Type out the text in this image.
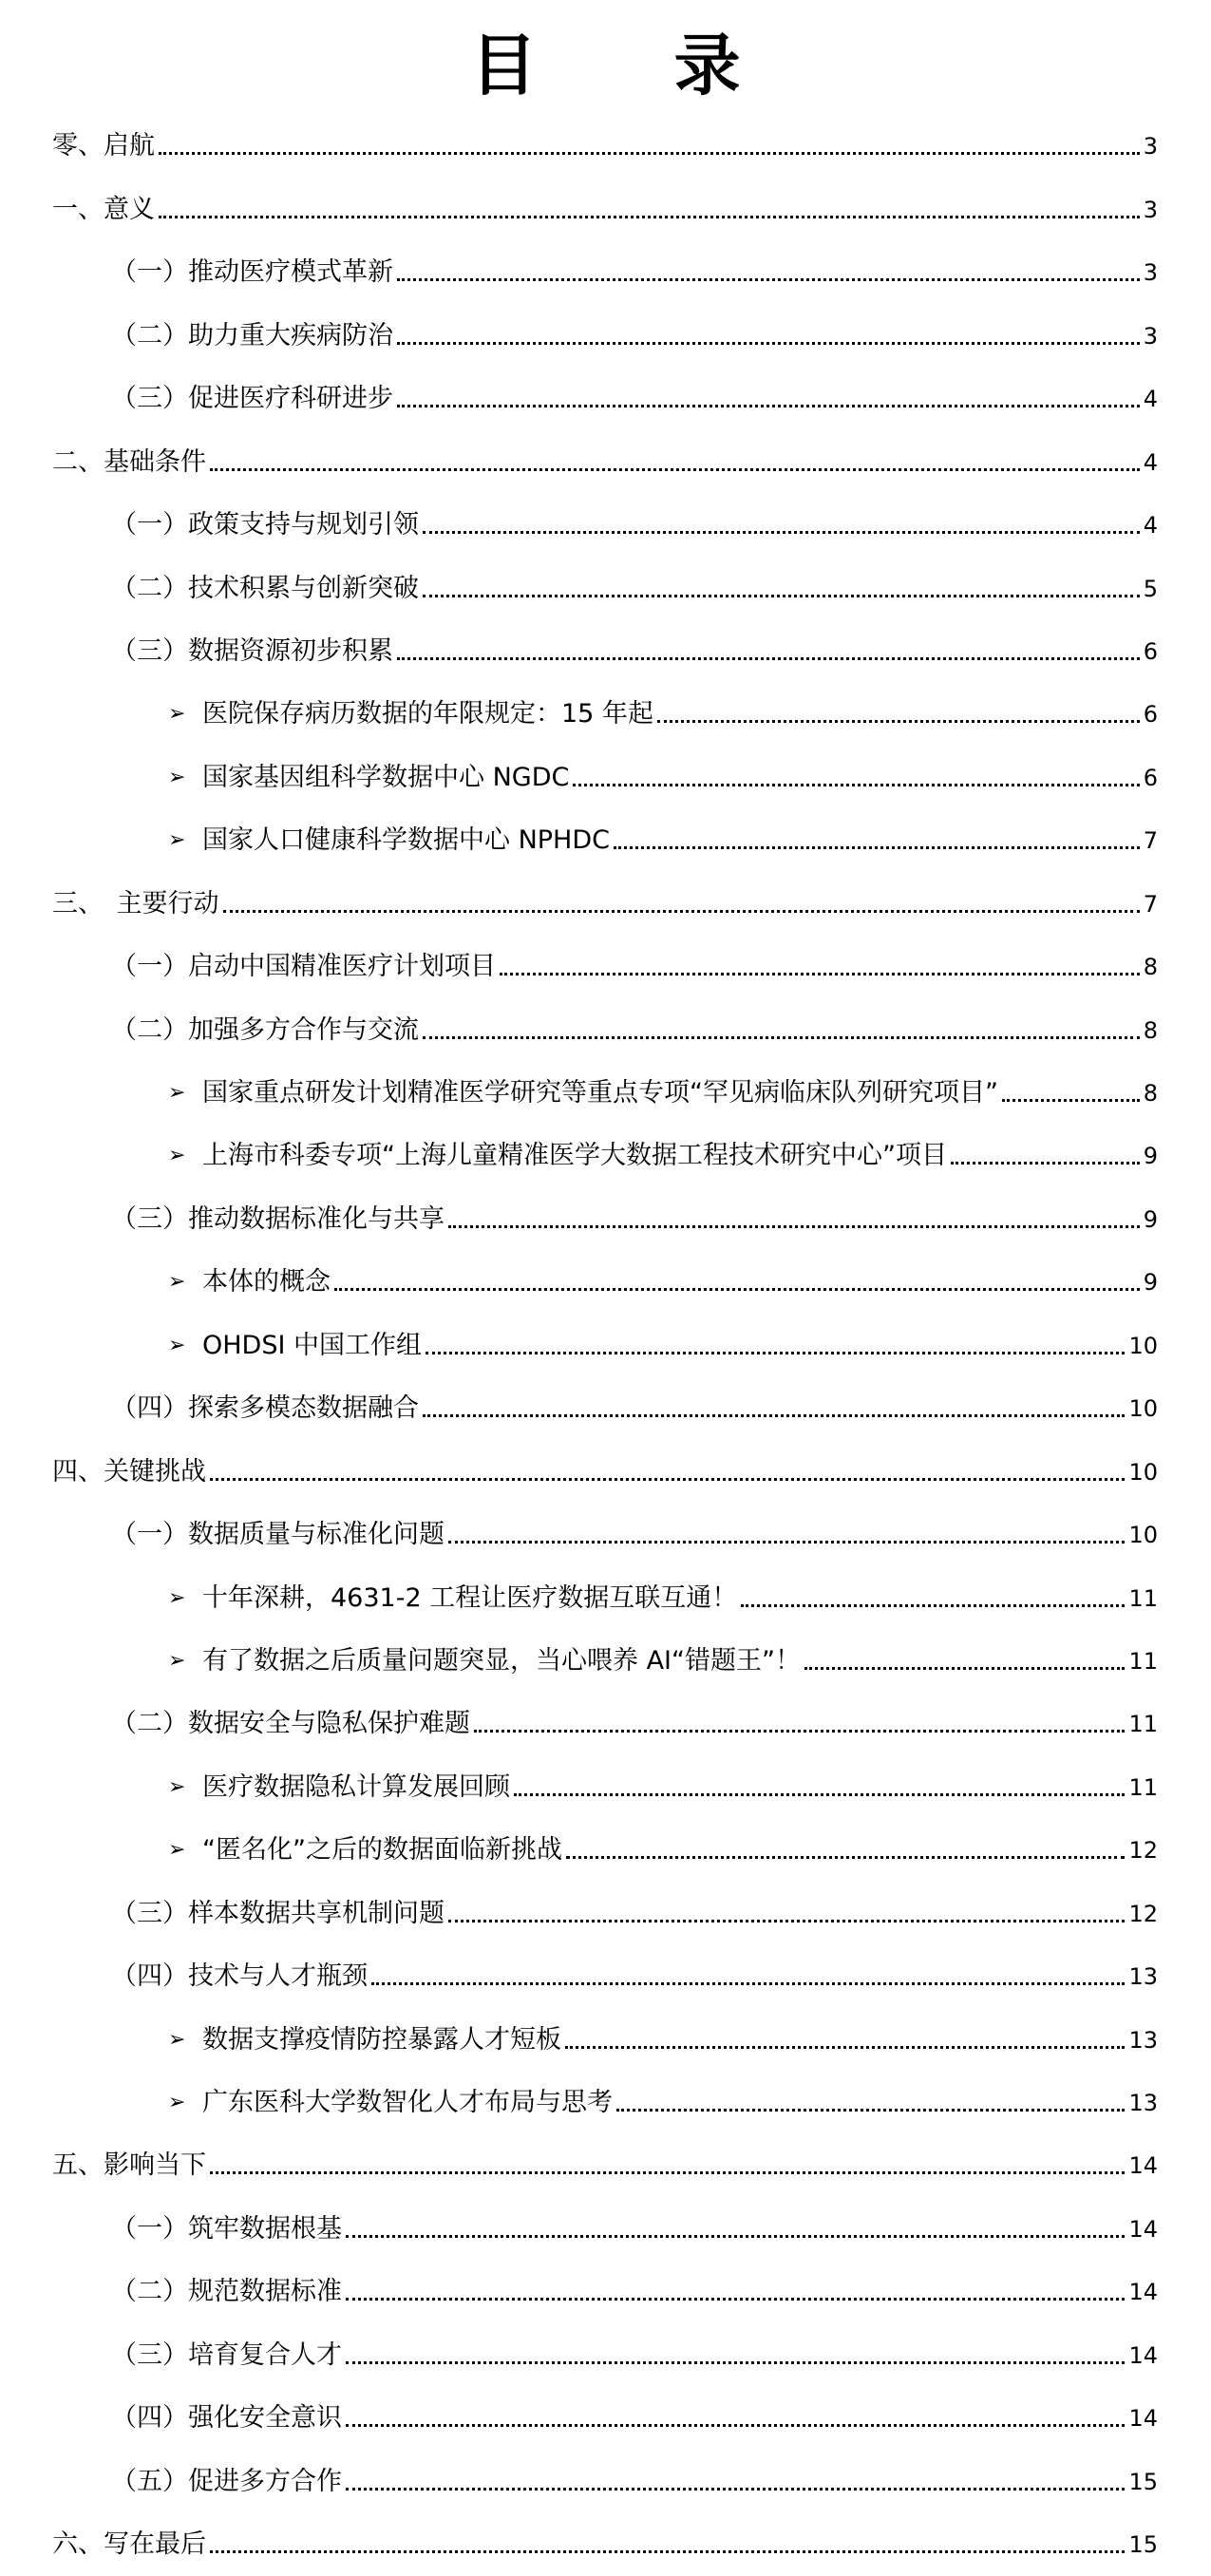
目 录
零、启航	3
一、意义	3
（一）推动医疗模式革新	3
（二）助力重大疾病防治	3
（三）促进医疗科研进步	4
二、基础条件	4
（一）政策支持与规划引领	4
（二）技术积累与创新突破	5
（三）数据资源初步积累	6
➢ 医院保存病历数据的年限规定：15 年起	6
➢ 国家基因组科学数据中心 NGDC	6
➢ 国家人口健康科学数据中心 NPHDC	7
三、　主要行动	7
（一）启动中国精准医疗计划项目	8
（二）加强多方合作与交流	8
➢ 国家重点研发计划精准医学研究等重点专项“罕见病临床队列研究项目”	8
➢ 上海市科委专项“上海儿童精准医学大数据工程技术研究中心”项目	9
（三）推动数据标准化与共享	9
➢ 本体的概念	9
➢ OHDSI 中国工作组	10
（四）探索多模态数据融合	10
四、关键挑战	10
（一）数据质量与标准化问题	10
➢ 十年深耕，4631-2 工程让医疗数据互联互通！	11
➢ 有了数据之后质量问题突显，当心喂养 AI“错题王”！	11
（二）数据安全与隐私保护难题	11
➢ 医疗数据隐私计算发展回顾	11
➢ “匿名化”之后的数据面临新挑战	12
（三）样本数据共享机制问题	12
（四）技术与人才瓶颈	13
➢ 数据支撑疫情防控暴露人才短板	13
➢ 广东医科大学数智化人才布局与思考	13
五、影响当下	14
（一）筑牢数据根基	14
（二）规范数据标准	14
（三）培育复合人才	14
（四）强化安全意识	14
（五）促进多方合作	15
六、写在最后	15
